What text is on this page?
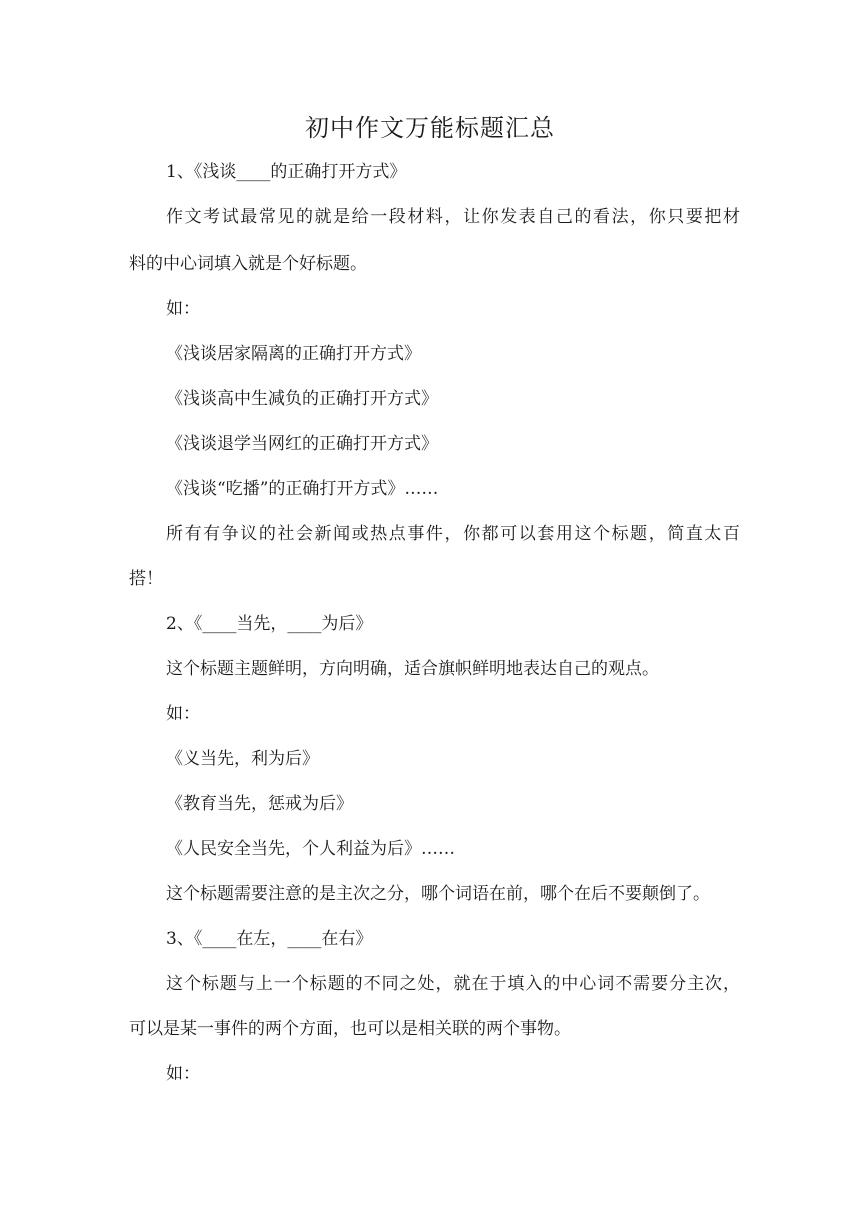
初中作文万能标题汇总
1、《浅谈____的正确打开方式》
作文考试最常见的就是给一段材料，让你发表自己的看法，你只要把材
料的中心词填入就是个好标题。
如：
《浅谈居家隔离的正确打开方式》
《浅谈高中生减负的正确打开方式》
《浅谈退学当网红的正确打开方式》
《浅谈“吃播”的正确打开方式》……
所有有争议的社会新闻或热点事件，你都可以套用这个标题，简直太百
搭！
2、《____当先，____为后》
这个标题主题鲜明，方向明确，适合旗帜鲜明地表达自己的观点。
如：
《义当先，利为后》
《教育当先，惩戒为后》
《人民安全当先，个人利益为后》……
这个标题需要注意的是主次之分，哪个词语在前，哪个在后不要颠倒了。
3、《____在左，____在右》
这个标题与上一个标题的不同之处，就在于填入的中心词不需要分主次，
可以是某一事件的两个方面，也可以是相关联的两个事物。
如：
